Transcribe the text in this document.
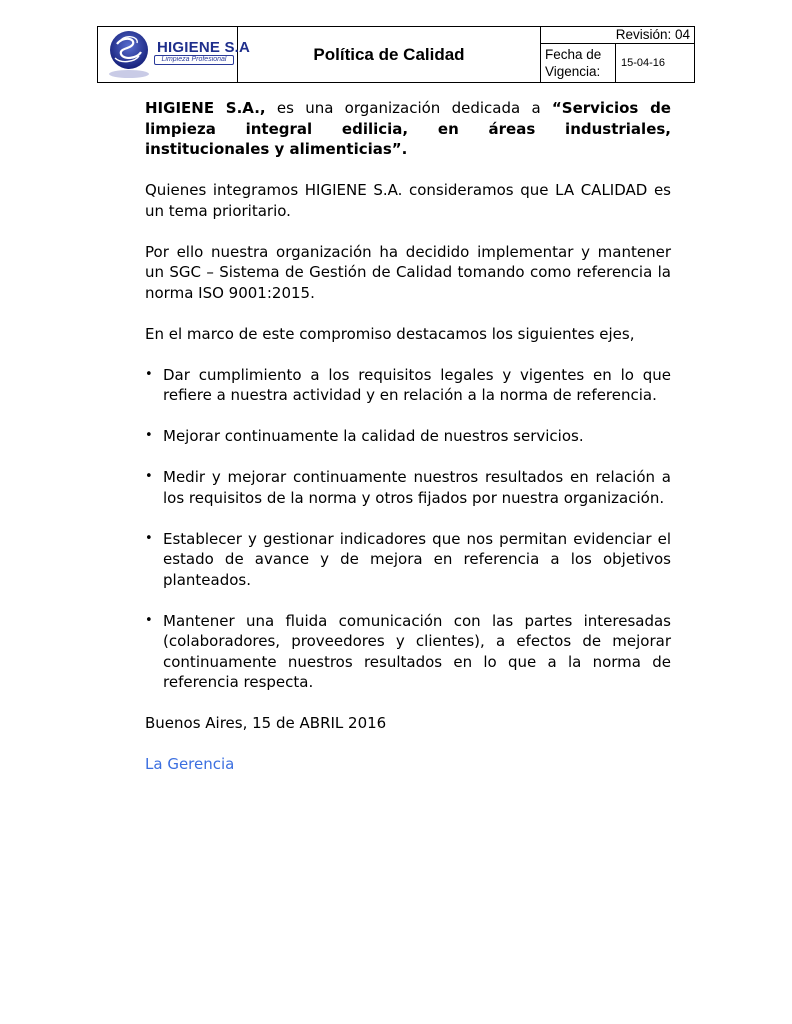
HIGIENE S.A
Limpieza Profesional	Política de Calidad
Revisión: 04
Fecha de Vigencia:
15-04-16

HIGIENE S.A., es una organización dedicada a “Servicios de limpieza integral edilicia, en áreas industriales, institucionales y alimenticias”.

Quienes integramos HIGIENE S.A. consideramos que LA CALIDAD es un tema prioritario.

Por ello nuestra organización ha decidido implementar y mantener un SGC – Sistema de Gestión de Calidad tomando como referencia la norma ISO 9001:2015.

En el marco de este compromiso destacamos los siguientes ejes,

• Dar cumplimiento a los requisitos legales y vigentes en lo que refiere a nuestra actividad y en relación a la norma de referencia.
• Mejorar continuamente la calidad de nuestros servicios.
• Medir y mejorar continuamente nuestros resultados en relación a los requisitos de la norma y otros fijados por nuestra organización.
• Establecer y gestionar indicadores que nos permitan evidenciar el estado de avance y de mejora en referencia a los objetivos planteados.
• Mantener una fluida comunicación con las partes interesadas (colaboradores, proveedores y clientes), a efectos de mejorar continuamente nuestros resultados en lo que a la norma de referencia respecta.

Buenos Aires, 15 de ABRIL 2016

La Gerencia
